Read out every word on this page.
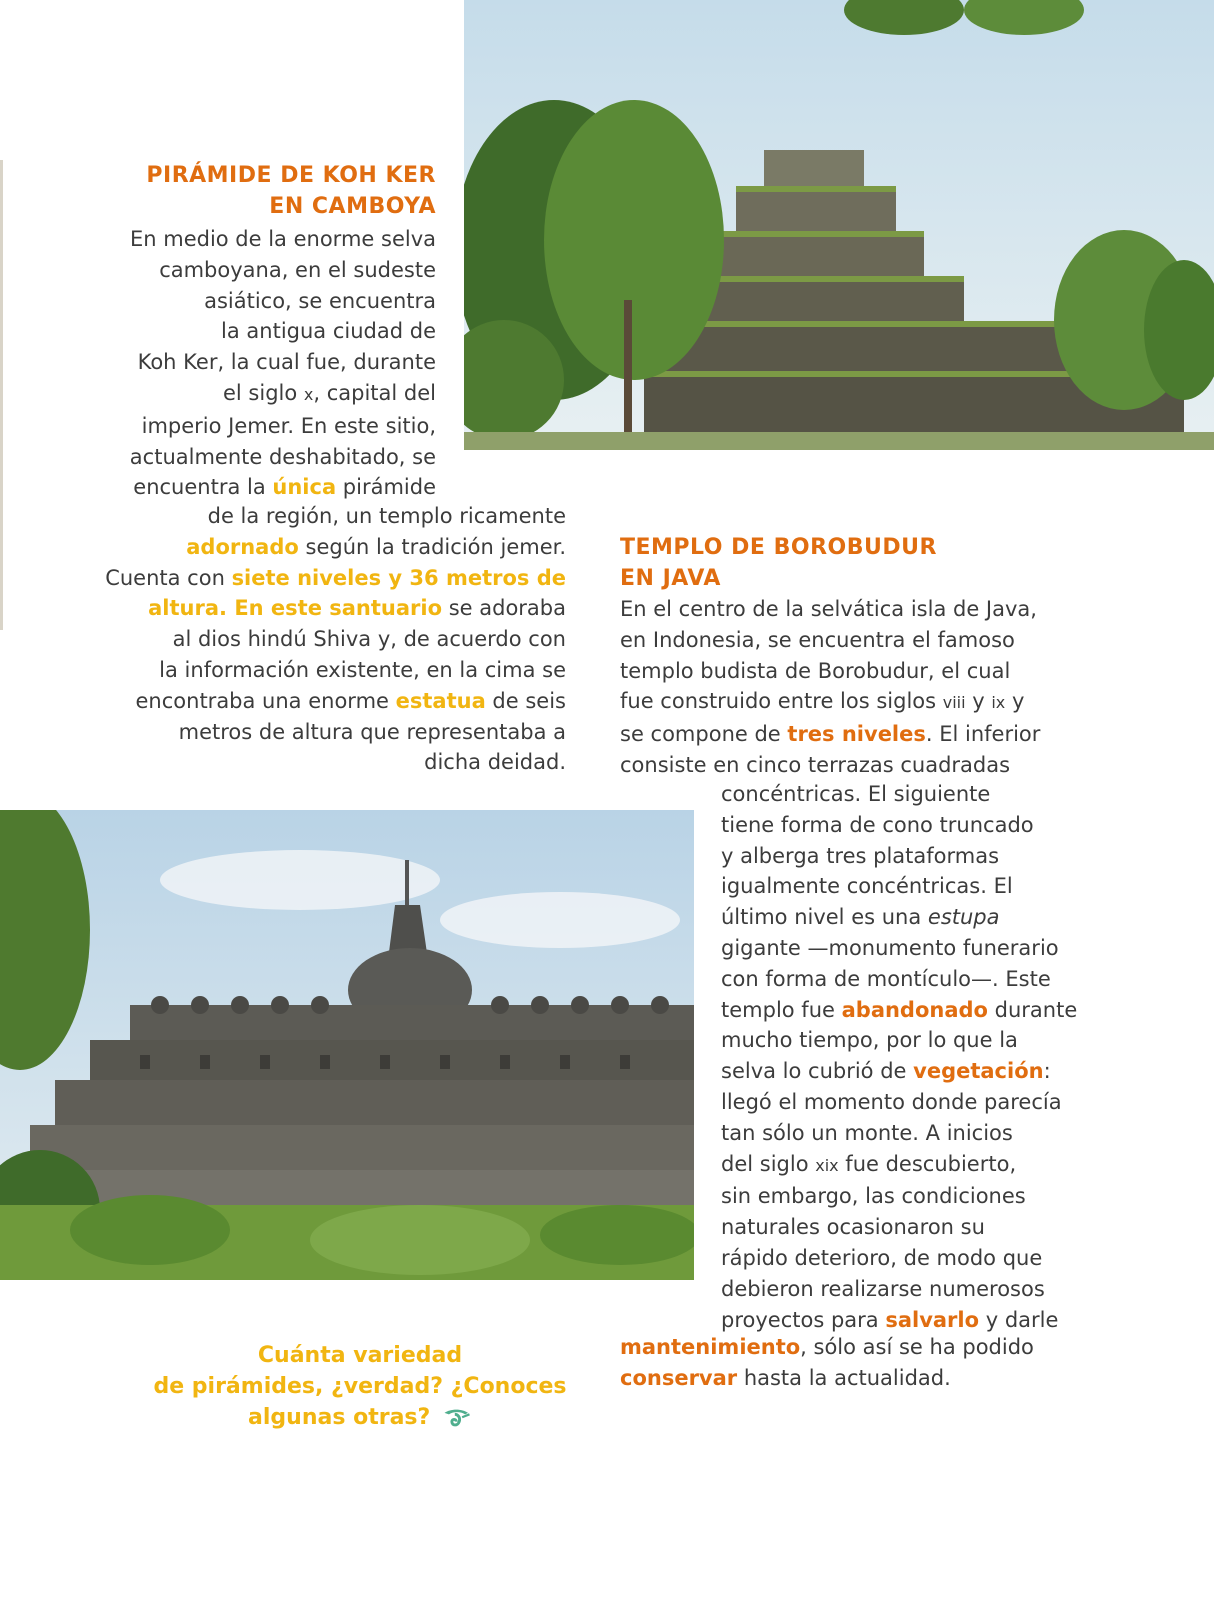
PIRÁMIDE DE KOH KER
EN CAMBOYA
En medio de la enorme selva
camboyana, en el sudeste
asiático, se encuentra
la antigua ciudad de
Koh Ker, la cual fue, durante
el siglo x, capital del
imperio Jemer. En este sitio,
actualmente deshabitado, se
encuentra la única pirámide
de la región, un templo ricamente
adornado según la tradición jemer.
Cuenta con siete niveles y 36 metros de
altura. En este santuario se adoraba
al dios hindú Shiva y, de acuerdo con
la información existente, en la cima se
encontraba una enorme estatua de seis
metros de altura que representaba a
dicha deidad.
TEMPLO DE BOROBUDUR
EN JAVA
En el centro de la selvática isla de Java,
en Indonesia, se encuentra el famoso
templo budista de Borobudur, el cual
fue construido entre los siglos viii y ix y
se compone de tres niveles. El inferior
consiste en cinco terrazas cuadradas
concéntricas. El siguiente
tiene forma de cono truncado
y alberga tres plataformas
igualmente concéntricas. El
último nivel es una estupa
gigante —monumento funerario
con forma de montículo—. Este
templo fue abandonado durante
mucho tiempo, por lo que la
selva lo cubrió de vegetación:
llegó el momento donde parecía
tan sólo un monte. A inicios
del siglo xix fue descubierto,
sin embargo, las condiciones
naturales ocasionaron su
rápido deterioro, de modo que
debieron realizarse numerosos
proyectos para salvarlo y darle
mantenimiento, sólo así se ha podido
conservar hasta la actualidad.
Cuánta variedad
de pirámides, ¿verdad? ¿Conoces
algunas otras?
